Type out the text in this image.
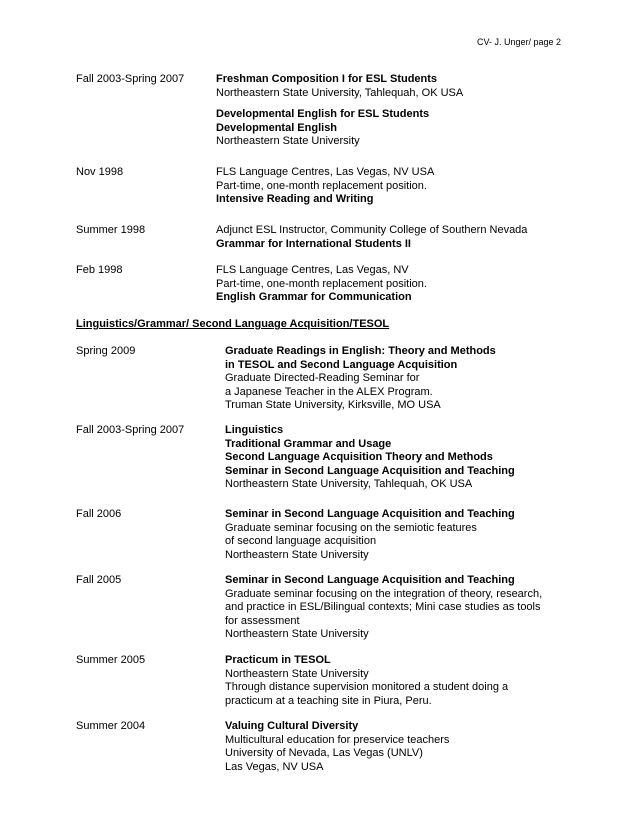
CV- J. Unger/ page 2
Fall 2003-Spring 2007	Freshman Composition I for ESL Students
Northeastern State University, Tahlequah, OK USA
Developmental English for ESL Students
Developmental English
Northeastern State University
Nov 1998	FLS Language Centres, Las Vegas, NV USA
Part-time, one-month replacement position.
Intensive Reading and Writing
Summer 1998	Adjunct ESL Instructor, Community College of Southern Nevada
Grammar for International Students II
Feb 1998	FLS Language Centres, Las Vegas, NV
Part-time, one-month replacement position.
English Grammar for Communication
Linguistics/Grammar/ Second Language Acquisition/TESOL
Spring 2009	Graduate Readings in English: Theory and Methods
in TESOL and Second Language Acquisition
Graduate Directed-Reading Seminar for
a Japanese Teacher in the ALEX Program.
Truman State University, Kirksville, MO USA
Fall 2003-Spring 2007	Linguistics
Traditional Grammar and Usage
Second Language Acquisition Theory and Methods
Seminar in Second Language Acquisition and Teaching
Northeastern State University, Tahlequah, OK USA
Fall 2006	Seminar in Second Language Acquisition and Teaching
Graduate seminar focusing on the semiotic features
of second language acquisition
Northeastern State University
Fall 2005	Seminar in Second Language Acquisition and Teaching
Graduate seminar focusing on the integration of theory, research,
and practice in ESL/Bilingual contexts; Mini case studies as tools
for assessment
Northeastern State University
Summer 2005	Practicum in TESOL
Northeastern State University
Through distance supervision monitored a student doing a
practicum at a teaching site in Piura, Peru.
Summer 2004	Valuing Cultural Diversity
Multicultural education for preservice teachers
University of Nevada, Las Vegas (UNLV)
Las Vegas, NV USA
